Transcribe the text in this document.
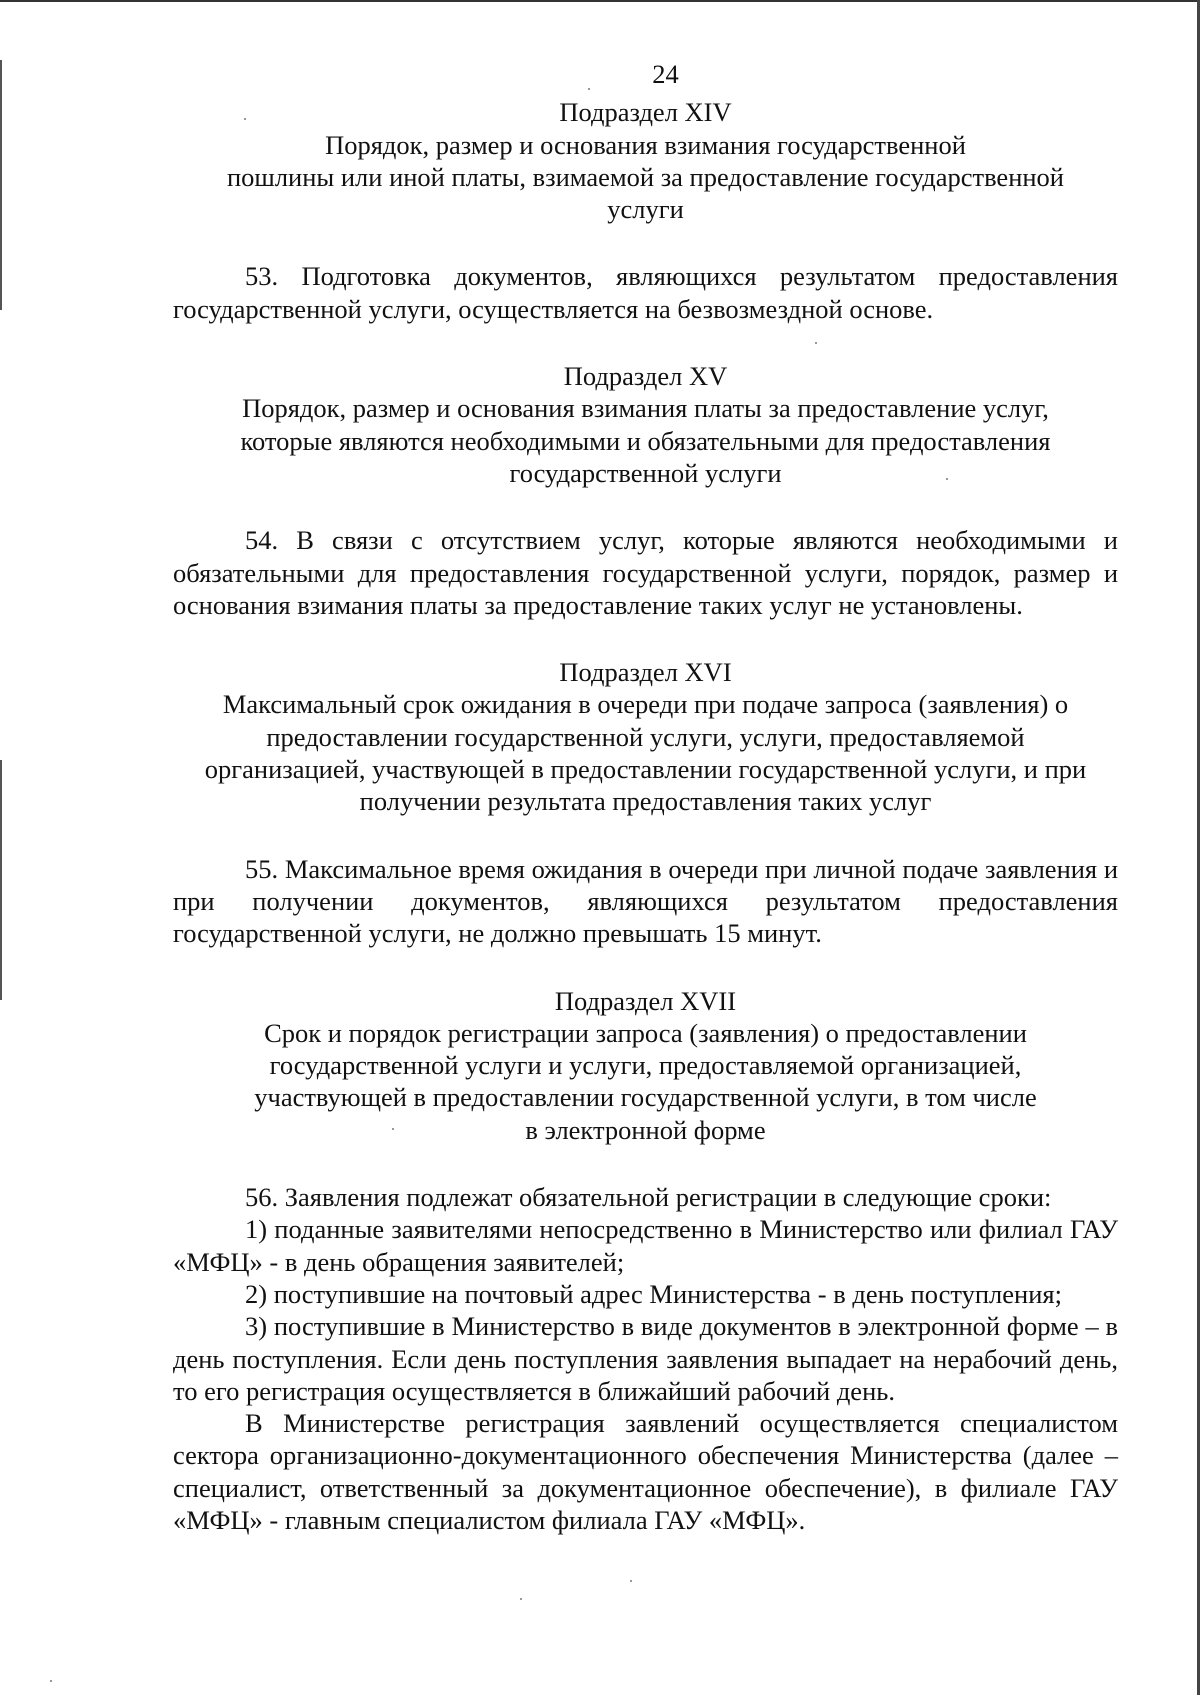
24
Подраздел XIV
Порядок, размер и основания взимания государственной
пошлины или иной платы, взимаемой за предоставление государственной
услуги

53. Подготовка документов, являющихся результатом предоставления государственной услуги, осуществляется на безвозмездной основе.

Подраздел XV
Порядок, размер и основания взимания платы за предоставление услуг,
которые являются необходимыми и обязательными для предоставления
государственной услуги

54. В связи с отсутствием услуг, которые являются необходимыми и обязательными для предоставления государственной услуги, порядок, размер и основания взимания платы за предоставление таких услуг не установлены.

Подраздел XVI
Максимальный срок ожидания в очереди при подаче запроса (заявления) о
предоставлении государственной услуги, услуги, предоставляемой
организацией, участвующей в предоставлении государственной услуги, и при
получении результата предоставления таких услуг

55. Максимальное время ожидания в очереди при личной подаче заявления и при получении документов, являющихся результатом предоставления государственной услуги, не должно превышать 15 минут.

Подраздел XVII
Срок и порядок регистрации запроса (заявления) о предоставлении
государственной услуги и услуги, предоставляемой организацией,
участвующей в предоставлении государственной услуги, в том числе
в электронной форме

56. Заявления подлежат обязательной регистрации в следующие сроки:

1) поданные заявителями непосредственно в Министерство или филиал ГАУ «МФЦ» - в день обращения заявителей;

2) поступившие на почтовый адрес Министерства - в день поступления;

3) поступившие в Министерство в виде документов в электронной форме – в день поступления. Если день поступления заявления выпадает на нерабочий день, то его регистрация осуществляется в ближайший рабочий день.

В Министерстве регистрация заявлений осуществляется специалистом сектора организационно-документационного обеспечения Министерства (далее – специалист, ответственный за документационное обеспечение), в филиале ГАУ «МФЦ» - главным специалистом филиала ГАУ «МФЦ».
